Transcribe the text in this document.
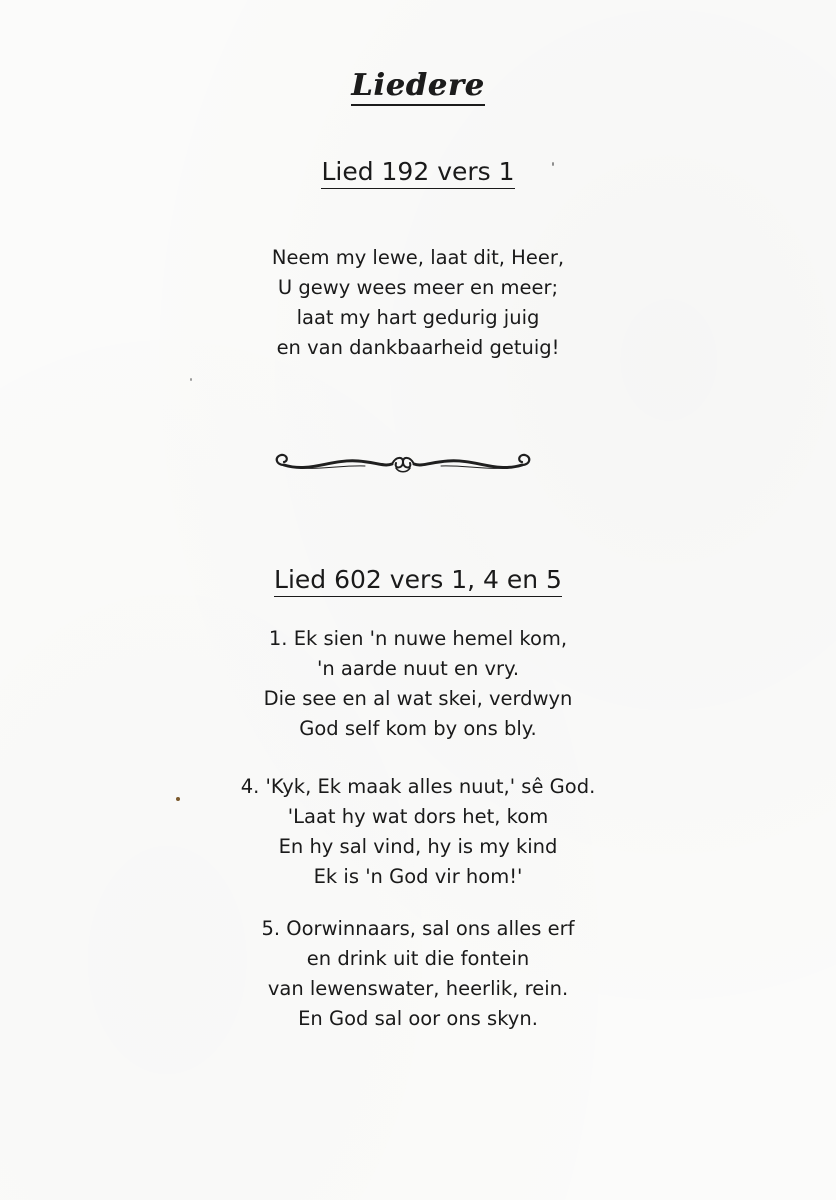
Liedere
Lied 192 vers 1
Neem my lewe, laat dit, Heer,
U gewy wees meer en meer;
laat my hart gedurig juig
en van dankbaarheid getuig!
Lied 602 vers 1, 4 en 5
1. Ek sien 'n nuwe hemel kom,
'n aarde nuut en vry.
Die see en al wat skei, verdwyn
God self kom by ons bly.
4. 'Kyk, Ek maak alles nuut,' sê God.
'Laat hy wat dors het, kom
En hy sal vind, hy is my kind
Ek is 'n God vir hom!'
5. Oorwinnaars, sal ons alles erf
en drink uit die fontein
van lewenswater, heerlik, rein.
En God sal oor ons skyn.
